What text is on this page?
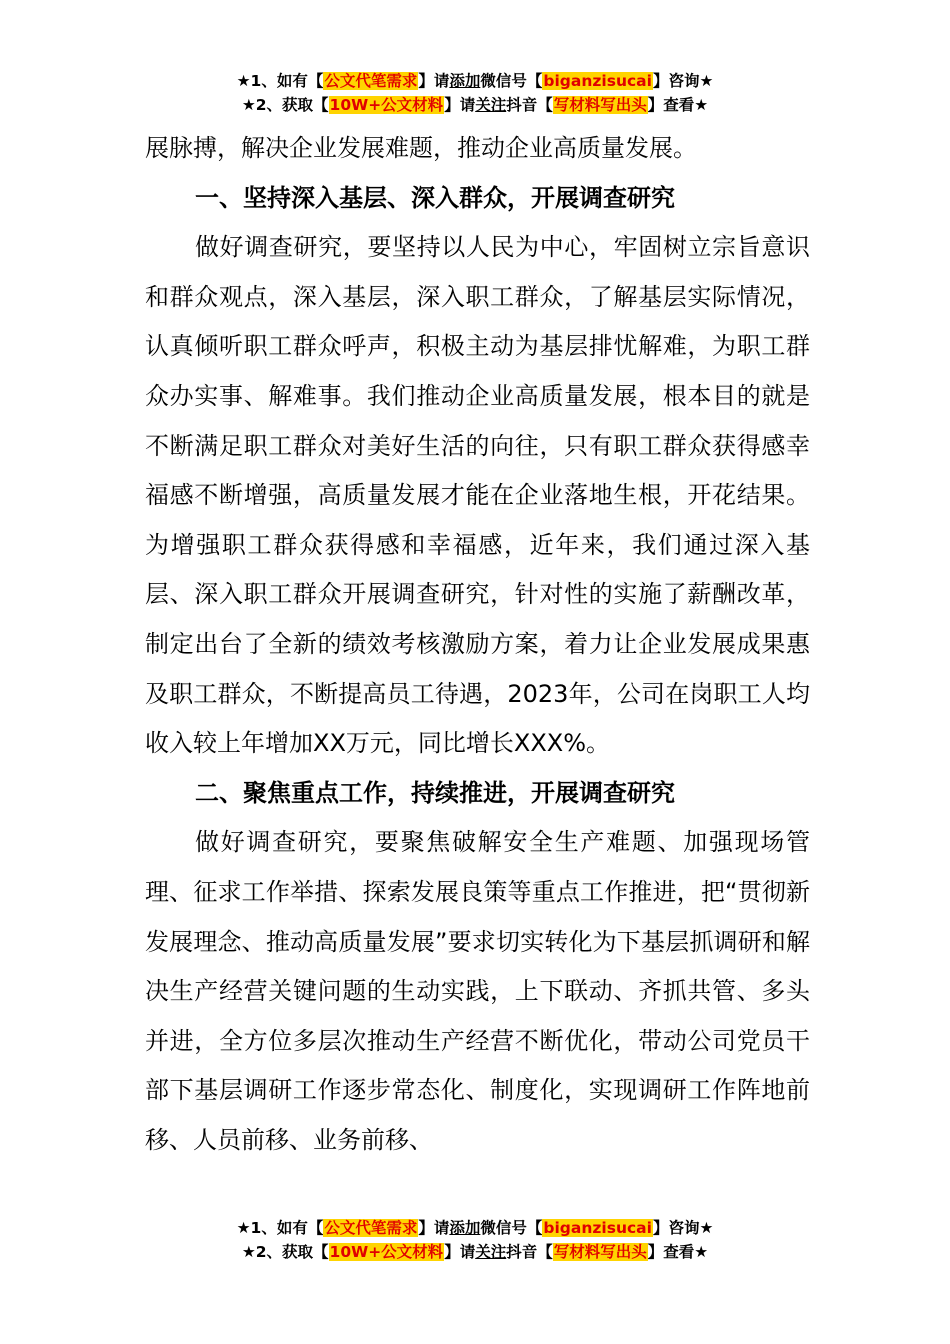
★1、如有【公文代笔需求】请添加微信号【biganzisucai】咨询★
★2、获取【10W+公文材料】请关注抖音【写材料写出头】查看★

展脉搏，解决企业发展难题，推动企业高质量发展。

一、坚持深入基层、深入群众，开展调查研究

做好调查研究，要坚持以人民为中心，牢固树立宗旨意识和群众观点，深入基层，深入职工群众，了解基层实际情况，认真倾听职工群众呼声，积极主动为基层排忧解难，为职工群众办实事、解难事。我们推动企业高质量发展，根本目的就是不断满足职工群众对美好生活的向往，只有职工群众获得感幸福感不断增强，高质量发展才能在企业落地生根，开花结果。为增强职工群众获得感和幸福感，近年来，我们通过深入基层、深入职工群众开展调查研究，针对性的实施了薪酬改革，制定出台了全新的绩效考核激励方案，着力让企业发展成果惠及职工群众，不断提高员工待遇，2023年，公司在岗职工人均收入较上年增加XX万元，同比增长XXX%。

二、聚焦重点工作，持续推进，开展调查研究

做好调查研究，要聚焦破解安全生产难题、加强现场管理、征求工作举措、探索发展良策等重点工作推进，把“贯彻新发展理念、推动高质量发展”要求切实转化为下基层抓调研和解决生产经营关键问题的生动实践，上下联动、齐抓共管、多头并进，全方位多层次推动生产经营不断优化，带动公司党员干部下基层调研工作逐步常态化、制度化，实现调研工作阵地前移、人员前移、业务前移、

★1、如有【公文代笔需求】请添加微信号【biganzisucai】咨询★
★2、获取【10W+公文材料】请关注抖音【写材料写出头】查看★
